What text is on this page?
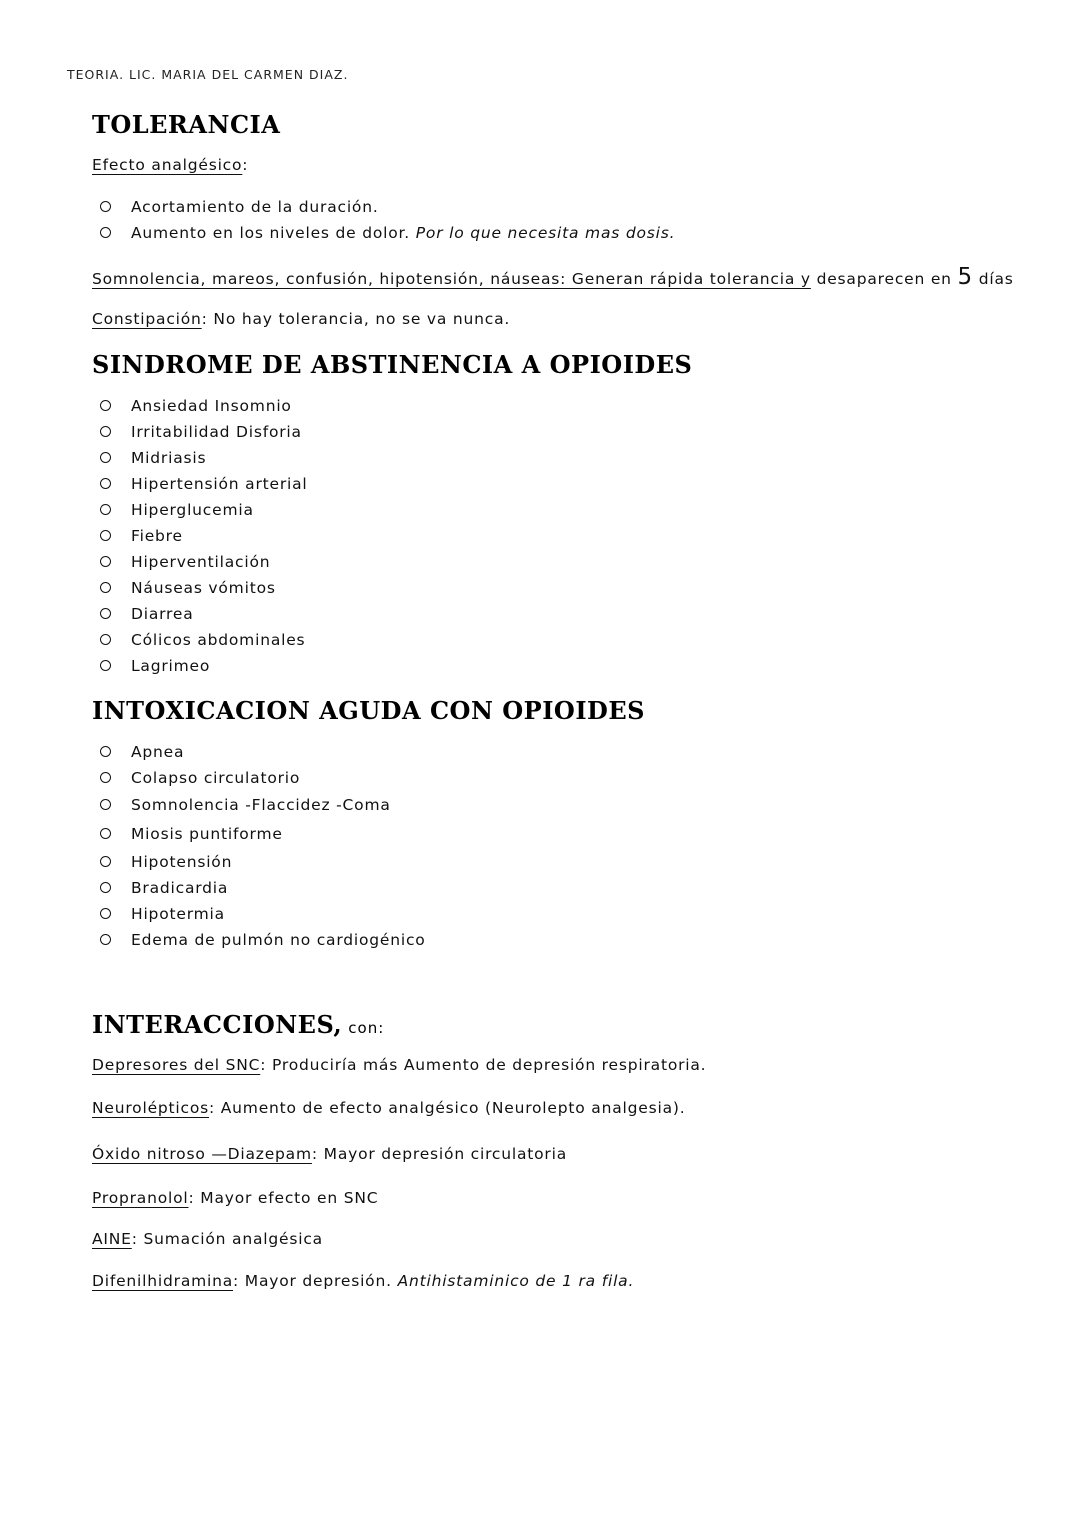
TEORIA. LIC. MARIA DEL CARMEN DIAZ.
TOLERANCIA
Efecto analgésico:
Acortamiento de la duración.
Aumento en los niveles de dolor. Por lo que necesita mas dosis.
Somnolencia, mareos, confusión, hipotensión, náuseas: Generan rápida tolerancia y desaparecen en 5 días
Constipación: No hay tolerancia, no se va nunca.
SINDROME DE ABSTINENCIA A OPIOIDES
Ansiedad Insomnio
Irritabilidad Disforia
Midriasis
Hipertensión arterial
Hiperglucemia
Fiebre
Hiperventilación
Náuseas vómitos
Diarrea
Cólicos abdominales
Lagrimeo
INTOXICACION AGUDA CON OPIOIDES
Apnea
Colapso circulatorio
Somnolencia -Flaccidez -Coma
Miosis puntiforme
Hipotensión
Bradicardia
Hipotermia
Edema de pulmón no cardiogénico
INTERACCIONES, con:
Depresores del SNC: Produciría más Aumento de depresión respiratoria.
Neurolépticos: Aumento de efecto analgésico (Neurolepto analgesia).
Óxido nitroso —Diazepam: Mayor depresión circulatoria
Propranolol: Mayor efecto en SNC
AINE: Sumación analgésica
Difenilhidramina: Mayor depresión. Antihistaminico de 1 ra fila.
